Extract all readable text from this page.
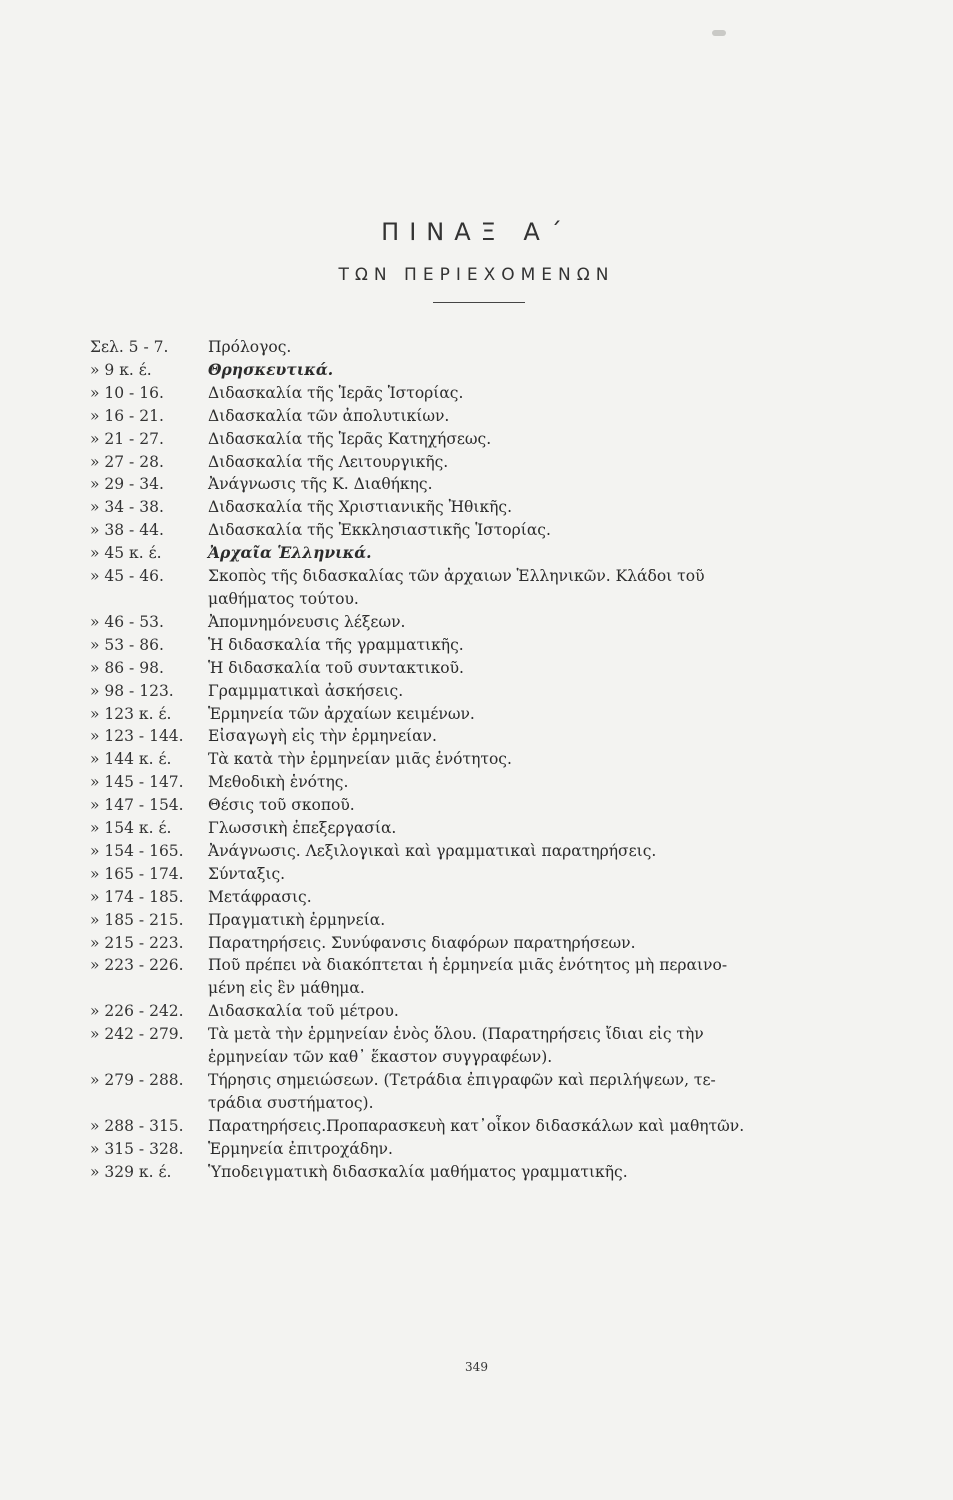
ΠΙΝΑΞ Α΄
ΤΩΝ ΠΕΡΙΕΧΟΜΕΝΩΝ
Σελ. 5 - 7.	Πρόλογος.
» 9 κ. έ.	Θρησκευτικά.
» 10 - 16.	Διδασκαλία τῆς Ἱερᾶς Ἱστορίας.
» 16 - 21.	Διδασκαλία τῶν ἀπολυτικίων.
» 21 - 27.	Διδασκαλία τῆς Ἱερᾶς Κατηχήσεως.
» 27 - 28.	Διδασκαλία τῆς Λειτουργικῆς.
» 29 - 34.	Ἀνάγνωσις τῆς Κ. Διαθήκης.
» 34 - 38.	Διδασκαλία τῆς Χριστιανικῆς Ἠθικῆς.
» 38 - 44.	Διδασκαλία τῆς Ἐκκλησιαστικῆς Ἱστορίας.
» 45 κ. έ.	Ἀρχαῖα Ἑλληνικά.
» 45 - 46.	Σκοπὸς τῆς διδασκαλίας τῶν ἀρχαιων Ἑλληνικῶν. Κλάδοι τοῦ
μαθήματος τούτου.
» 46 - 53.	Ἀπομνημόνευσις λέξεων.
» 53 - 86.	Ἡ διδασκαλία τῆς γραμματικῆς.
» 86 - 98.	Ἡ διδασκαλία τοῦ συντακτικοῦ.
» 98 - 123.	Γραμμματικαὶ ἀσκήσεις.
» 123 κ. έ.	Ἑρμηνεία τῶν ἀρχαίων κειμένων.
» 123 - 144.	Εἰσαγωγὴ εἰς τὴν ἑρμηνείαν.
» 144 κ. έ.	Τὰ κατὰ τὴν ἑρμηνείαν μιᾶς ἑνότητος.
» 145 - 147.	Μεθοδικὴ ἑνότης.
» 147 - 154.	Θέσις τοῦ σκοποῦ.
» 154 κ. έ.	Γλωσσικὴ ἐπεξεργασία.
» 154 - 165.	Ἀνάγνωσις. Λεξιλογικαὶ καὶ γραμματικαὶ παρατηρήσεις.
» 165 - 174.	Σύνταξις.
» 174 - 185.	Μετάφρασις.
» 185 - 215.	Πραγματικὴ ἑρμηνεία.
» 215 - 223.	Παρατηρήσεις. Συνύφανσις διαφόρων παρατηρήσεων.
» 223 - 226.	Ποῦ πρέπει νὰ διακόπτεται ἡ ἑρμηνεία μιᾶς ἑνότητος μὴ περαινο-
μένη εἰς ἓν μάθημα.
» 226 - 242.	Διδασκαλία τοῦ μέτρου.
» 242 - 279.	Τὰ μετὰ τὴν ἑρμηνείαν ἑνὸς ὅλου. (Παρατηρήσεις ἴδιαι εἰς τὴν
ἑρμηνείαν τῶν καθ᾽ ἕκαστον συγγραφέων).
» 279 - 288.	Τήρησις σημειώσεων. (Τετράδια ἐπιγραφῶν καὶ περιλήψεων, τε-
τράδια συστήματος).
» 288 - 315.	Παρατηρήσεις.Προπαρασκευὴ κατ᾽οἶκον διδασκάλων καὶ μαθητῶν.
» 315 - 328.	Ἑρμηνεία ἐπιτροχάδην.
» 329 κ. έ.	Ὑποδειγματικὴ διδασκαλία μαθήματος γραμματικῆς.
349
